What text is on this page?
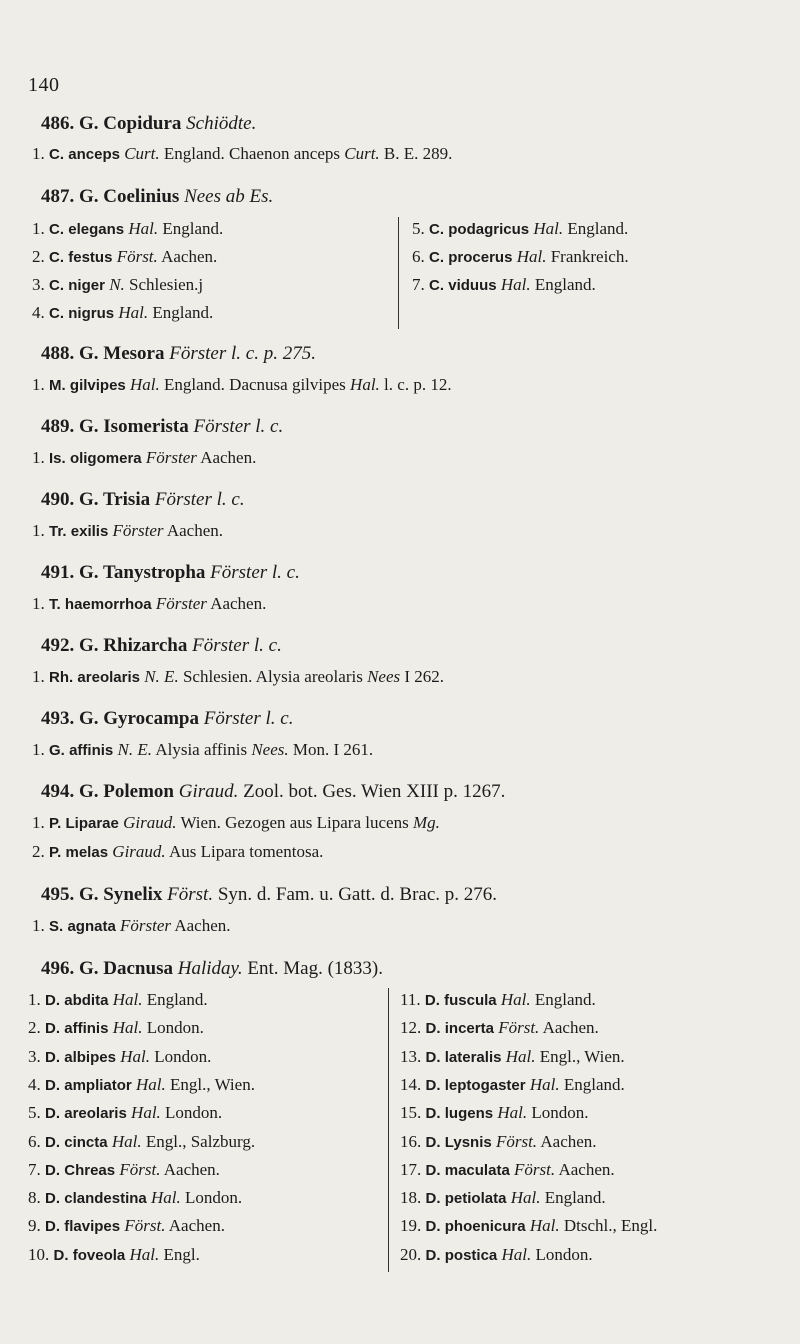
140
486. G. Copidura Schiödte.
1. C. anceps Curt. England. Chaenon anceps Curt. B. E. 289.
487. G. Coelinius Nees ab Es.
1. C. elegans Hal. England.
2. C. festus Först. Aachen.
3. C. niger N. Schlesien.j
4. C. nigrus Hal. England.
5. C. podagricus Hal. England.
6. C. procerus Hal. Frankreich.
7. C. viduus Hal. England.
488. G. Mesora Förster l. c. p. 275.
1. M. gilvipes Hal. England. Dacnusa gilvipes Hal. l. c. p. 12.
489. G. Isomerista Förster l. c.
1. Is. oligomera Förster Aachen.
490. G. Trisia Förster l. c.
1. Tr. exilis Förster Aachen.
491. G. Tanystropha Förster l. c.
1. T. haemorrhoa Förster Aachen.
492. G. Rhizarcha Förster l. c.
1. Rh. areolaris N. E. Schlesien. Alysia areolaris Nees I 262.
493. G. Gyrocampa Förster l. c.
1. G. affinis N. E. Alysia affinis Nees. Mon. I 261.
494. G. Polemon Giraud. Zool. bot. Ges. Wien XIII p. 1267.
1. P. Liparae Giraud. Wien. Gezogen aus Lipara lucens Mg.
2. P. melas Giraud. Aus Lipara tomentosa.
495. G. Synelix Först. Syn. d. Fam. u. Gatt. d. Brac. p. 276.
1. S. agnata Förster Aachen.
496. G. Dacnusa Haliday. Ent. Mag. (1833).
1. D. abdita Hal. England.
2. D. affinis Hal. London.
3. D. albipes Hal. London.
4. D. ampliator Hal. Engl., Wien.
5. D. areolaris Hal. London.
6. D. cincta Hal. Engl., Salzburg.
7. D. Chreas Först. Aachen.
8. D. clandestina Hal. London.
9. D. flavipes Först. Aachen.
10. D. foveola Hal. Engl.
11. D. fuscula Hal. England.
12. D. incerta Först. Aachen.
13. D. lateralis Hal. Engl., Wien.
14. D. leptogaster Hal. England.
15. D. lugens Hal. London.
16. D. Lysnis Först. Aachen.
17. D. maculata Först. Aachen.
18. D. petiolata Hal. England.
19. D. phoenicura Hal. Dtschl., Engl.
20. D. postica Hal. London.
